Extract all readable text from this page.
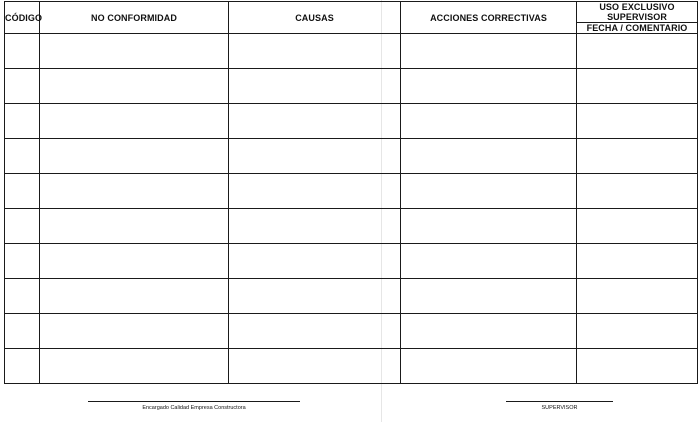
CÓDIGO	NO CONFORMIDAD	CAUSAS	ACCIONES CORRECTIVAS	USO EXCLUSIVO SUPERVISOR
				FECHA / COMENTARIO

Encargado Calidad Empresa Constructora	SUPERVISOR
